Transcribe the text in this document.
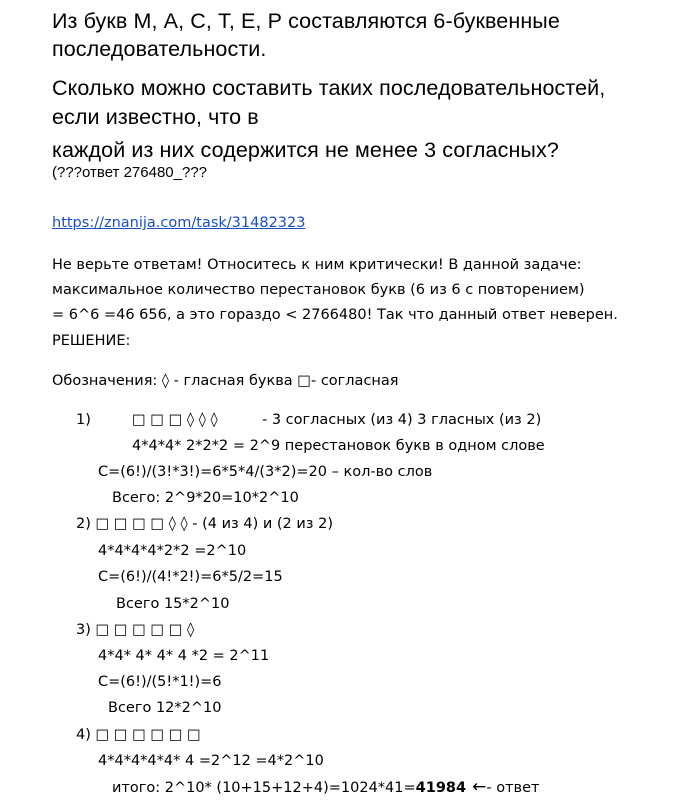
Из букв М, А, С, Т, Е, Р составляются 6-буквенные
последовательности.
Сколько можно составить таких последовательностей,
если известно, что в
каждой из них содержится не менее 3 согласных?
(???ответ 276480_???
https://znanija.com/task/31482323
Не верьте ответам! Относитесь к ним критически! В данной задаче:
максимальное количество перестановок букв (6 из 6 с повторением)
= 6^6 =46 656, а это гораздо < 2766480! Так что данный ответ неверен.
РЕШЕНИЕ:
Обозначения: ◊ - гласная буква □- согласная
1)	□ □ □ ◊ ◊ ◊	- 3 согласных (из 4) 3 гласных (из 2)
4*4*4* 2*2*2 = 2^9 перестановок букв в одном слове
С=(6!)/(3!*3!)=6*5*4/(3*2)=20 – кол-во слов
Всего: 2^9*20=10*2^10
2) □ □ □ □ ◊ ◊ - (4 из 4) и (2 из 2)
4*4*4*4*2*2 =2^10
С=(6!)/(4!*2!)=6*5/2=15
Всего 15*2^10
3) □ □ □ □ □ ◊
4*4* 4* 4* 4 *2 = 2^11
С=(6!)/(5!*1!)=6
Всего 12*2^10
4) □ □ □ □ □ □
4*4*4*4*4* 4 =2^12 =4*2^10
итого: 2^10* (10+15+12+4)=1024*41=41984 ←- ответ
